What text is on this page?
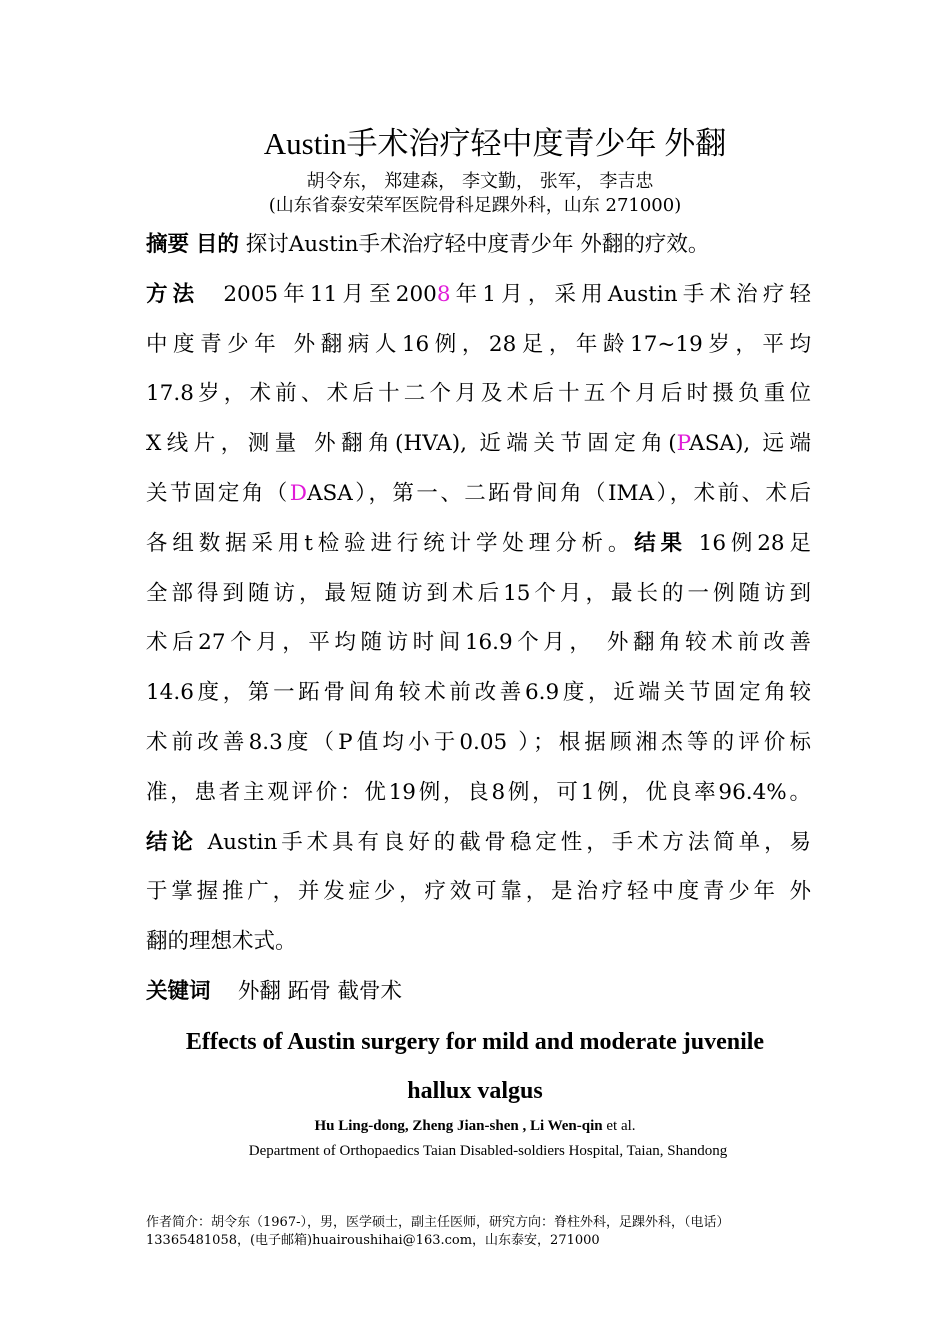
Austin手术治疗轻中度青少年 外翻
胡令东， 郑建森， 李文勤， 张军， 李吉忠
(山东省泰安荣军医院骨科足踝外科，山东 271000)
摘要 目的 探讨Austin手术治疗轻中度青少年 外翻的疗效。
方法 2005年11月至2008年1月，采用Austin手术治疗轻
中度青少年 外翻病人16例，28足，年龄17~19岁，平均
17.8岁，术前、术后十二个月及术后十五个月后时摄负重位
X线片，测量 外翻角(HVA), 近端关节固定角(PASA), 远端
关节固定角（DASA），第一、二跖骨间角（IMA），术前、术后
各组数据采用t检验进行统计学处理分析。结果 16例28足
全部得到随访，最短随访到术后15个月，最长的一例随访到
术后27个月，平均随访时间16.9个月， 外翻角较术前改善
14.6度，第一跖骨间角较术前改善6.9度，近端关节固定角较
术前改善8.3度（P值均小于0.05 ）；根据顾湘杰等的评价标
准，患者主观评价：优19例，良8例，可1例，优良率96.4%。
结论 Austin手术具有良好的截骨稳定性，手术方法简单，易
于掌握推广，并发症少，疗效可靠，是治疗轻中度青少年 外
翻的理想术式。
关键词 外翻 跖骨 截骨术
Effects of Austin surgery for mild and moderate juvenile
hallux valgus
Hu Ling-dong, Zheng Jian-shen , Li Wen-qin et al.
Department of Orthopaedics Taian Disabled-soldiers Hospital, Taian, Shandong
作者简介：胡令东（1967-），男，医学硕士，副主任医师，研究方向：脊柱外科，足踝外科，（电话）13365481058，(电子邮箱)huairoushihai@163.com，山东泰安，271000
